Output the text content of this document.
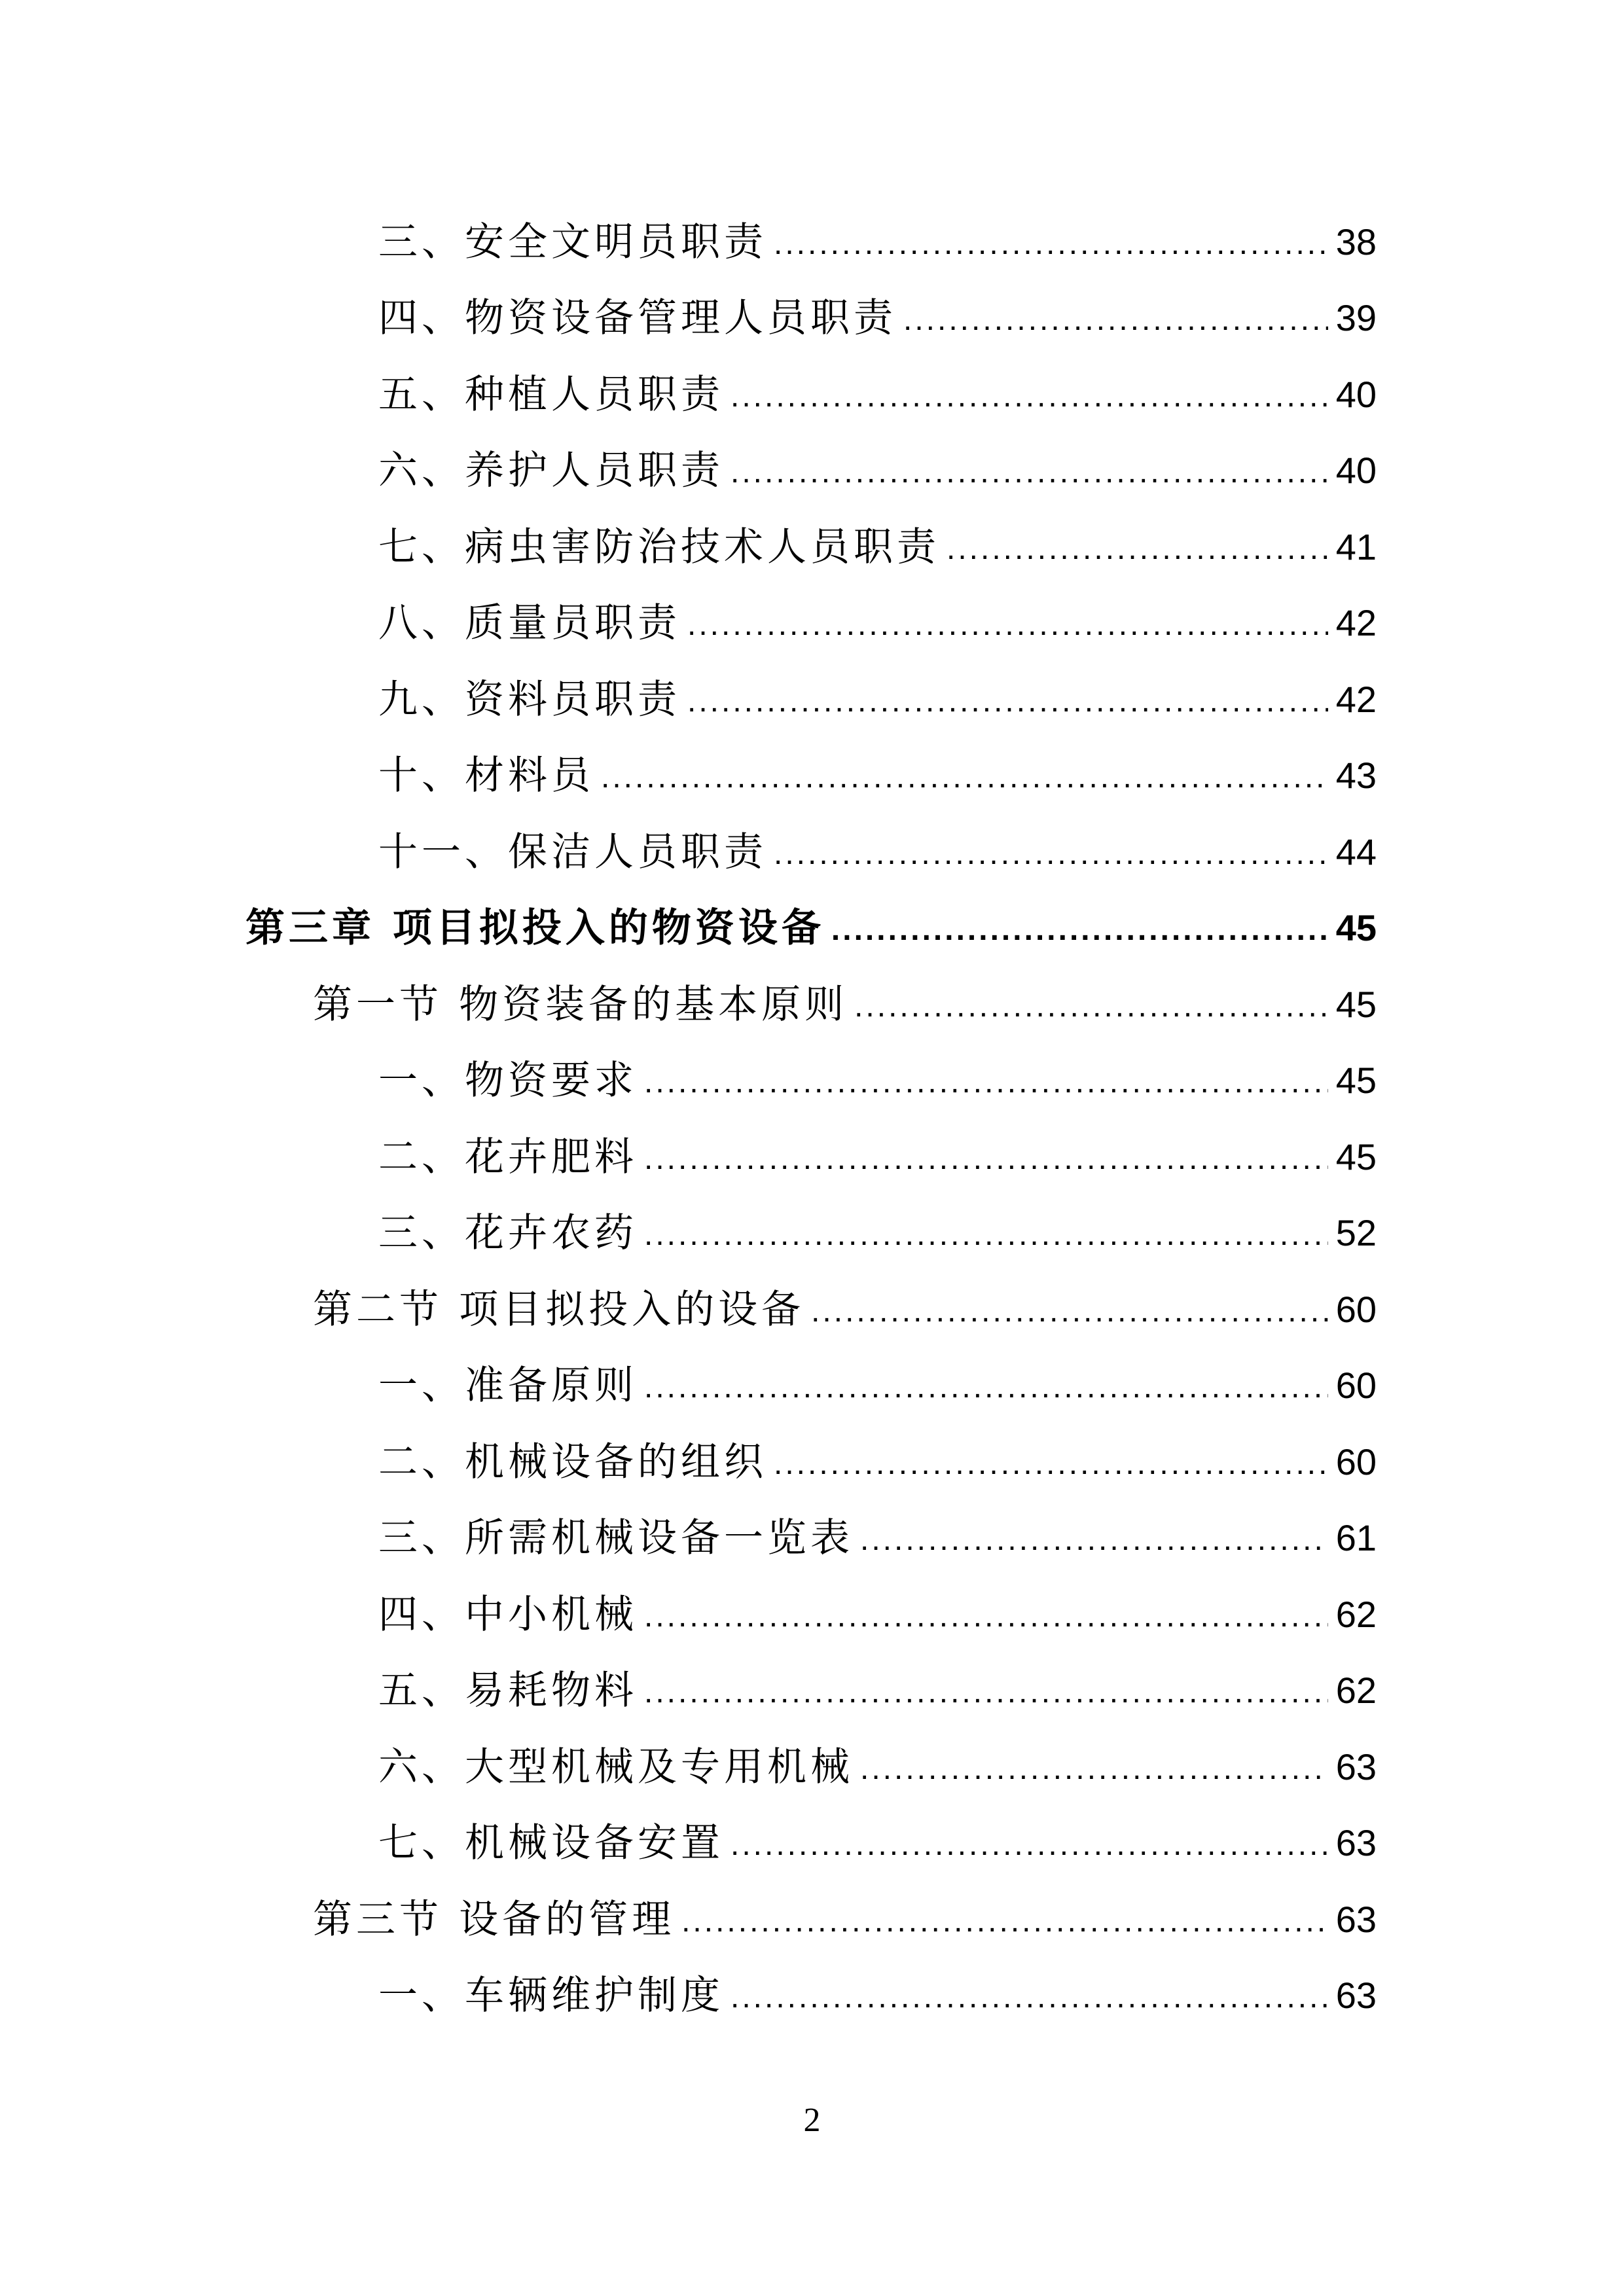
三、安全文明员职责 .....	38
四、物资设备管理人员职责 .....	39
五、种植人员职责 .....	40
六、养护人员职责 .....	40
七、病虫害防治技术人员职责 .....	41
八、质量员职责 .....	42
九、资料员职责 .....	42
十、材料员 .....	43
十一、保洁人员职责 .....	44
第三章 项目拟投入的物资设备 .....	45
第一节 物资装备的基本原则 .....	45
一、物资要求 .....	45
二、花卉肥料 .....	45
三、花卉农药 .....	52
第二节 项目拟投入的设备 .....	60
一、准备原则 .....	60
二、机械设备的组织 .....	60
三、所需机械设备一览表 .....	61
四、中小机械 .....	62
五、易耗物料 .....	62
六、大型机械及专用机械 .....	63
七、机械设备安置 .....	63
第三节 设备的管理 .....	63
一、车辆维护制度 .....	63
2
